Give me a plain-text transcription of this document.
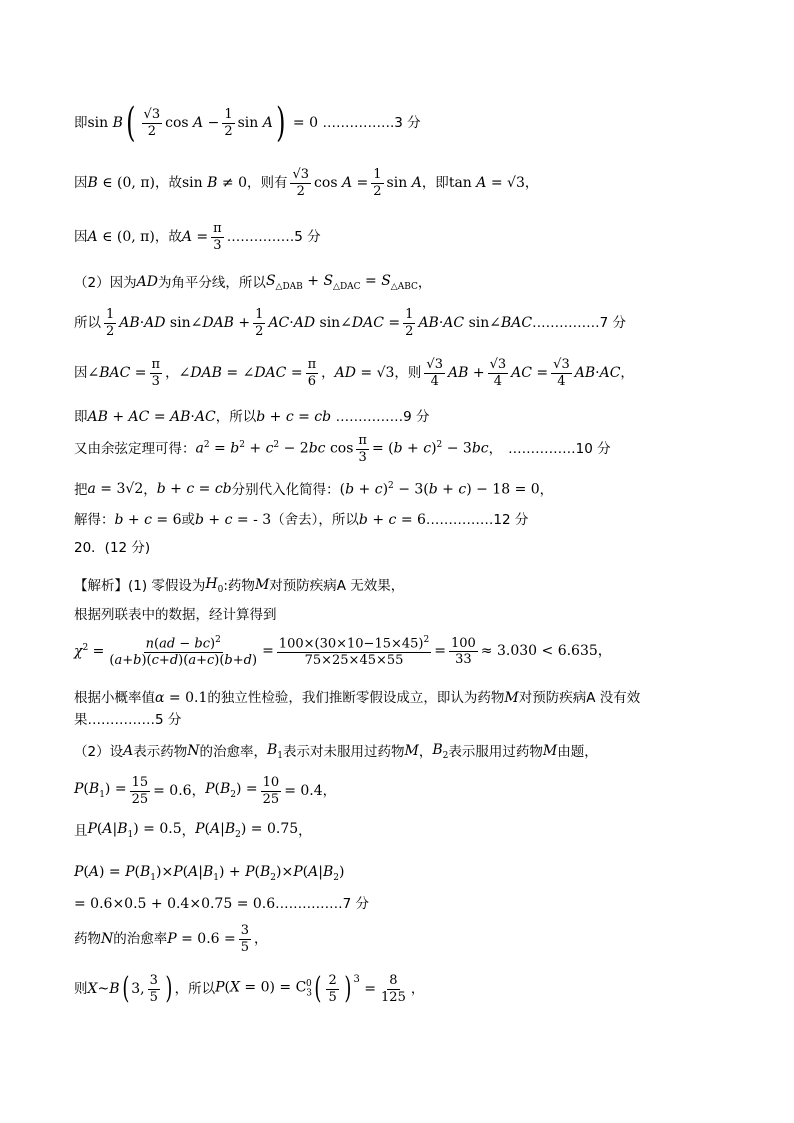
即 sin B ( $\frac{√3}{2}$ $\cos A - \frac{1}{2}$ sin A ) = 0 …………….3 分
因 B ∈ (0, π) ，故 sin B ≠ 0 ，则有 $\frac{√3}{2}$ $\cos A = \frac{1}{2}$ sin A ，即 tan A = √3 ，
因 A ∈ (0, π) ，故 $A = \frac{\pi}{3}$ ……………5 分
（2）因为 AD 为角平分线，所以 $S_{\triangle DAB} + S_{\triangle DAC} = S_{\triangle ABC}$ ，
所以 $\frac{1}{2} AB\cdot AD$ sin∠DAB + $\frac{1}{2} AC\cdot AD$ sin∠DAC = $\frac{1}{2} AB\cdot AC$ sin∠BAC ……………7 分
因 ∠BAC = $\frac{\pi}{3}$ ， ∠DAB = ∠DAC = $\frac{\pi}{6}$ ， AD = √3 ，则 $\frac{√3}{4}$ AB + $\frac{√3}{4}$ AC = $\frac{√3}{4} AB\cdot AC$ ，
即 AB + AC = AB·AC ，所以 b + c = cb ……………9 分
又由余弦定理可得： $a^2 = b^2 + c^2 - 2bc$ $\cos \frac{\pi}{3} = (b + c)^2 - 3bc$ ， ……………10 分
把 a = 3√2 ， b + c = cb 分别代入化简得： $(b + c)^2 - 3(b + c) - 18 = 0$ ，
解得： b + c = 6 或 b + c = - 3 （舍去），所以 b + c = 6 ……………12 分
20．(12 分)
【解析】(1) 零假设为 $H_0$ :药物 M 对预防疾病A 无效果，
根据列联表中的数据，经计算得到
$\chi^2 = \frac{n(ad - bc)^2}{(a+b)(c+d)(a+c)(b+d)} = \frac{100\times(30\times 10-15\times 45)^2}{75\times 25\times 45\times 55} = \frac{100}{33} \approx 3.030 < 6.635$，
根据小概率值 α = 0.1 的独立性检验，我们推断零假设成立，即认为药物 M 对预防疾病A 没有效
果……………5 分
（2）设 A 表示药物 N 的治愈率， $B_1$ 表示对未服用过药物 M ， $B_2$ 表示服用过药物 M 由题，
$P(B_1) = \frac{15}{25} = 0.6$ ， $P(B_2) = \frac{10}{25} = 0.4$ ，
且 $P(A|B_1) = 0.5$ ， $P(A|B_2) = 0.75$ ，
$P(A) = P(B_1)\times P(A|B_1) + P(B_2)\times P(A|B_2)$
= 0.6×0.5 + 0.4×0.75 = 0.6 ……………7 分
药物 N 的治愈率 $P = 0.6 = \frac{3}{5}$ ，
则 X~B ( 3, $\frac{3}{5}$ ) ，所以 $P(X = 0) = C_3^0$ ( $\frac{2}{5}$ ) 3
= $\frac{8}{125}$ ，
